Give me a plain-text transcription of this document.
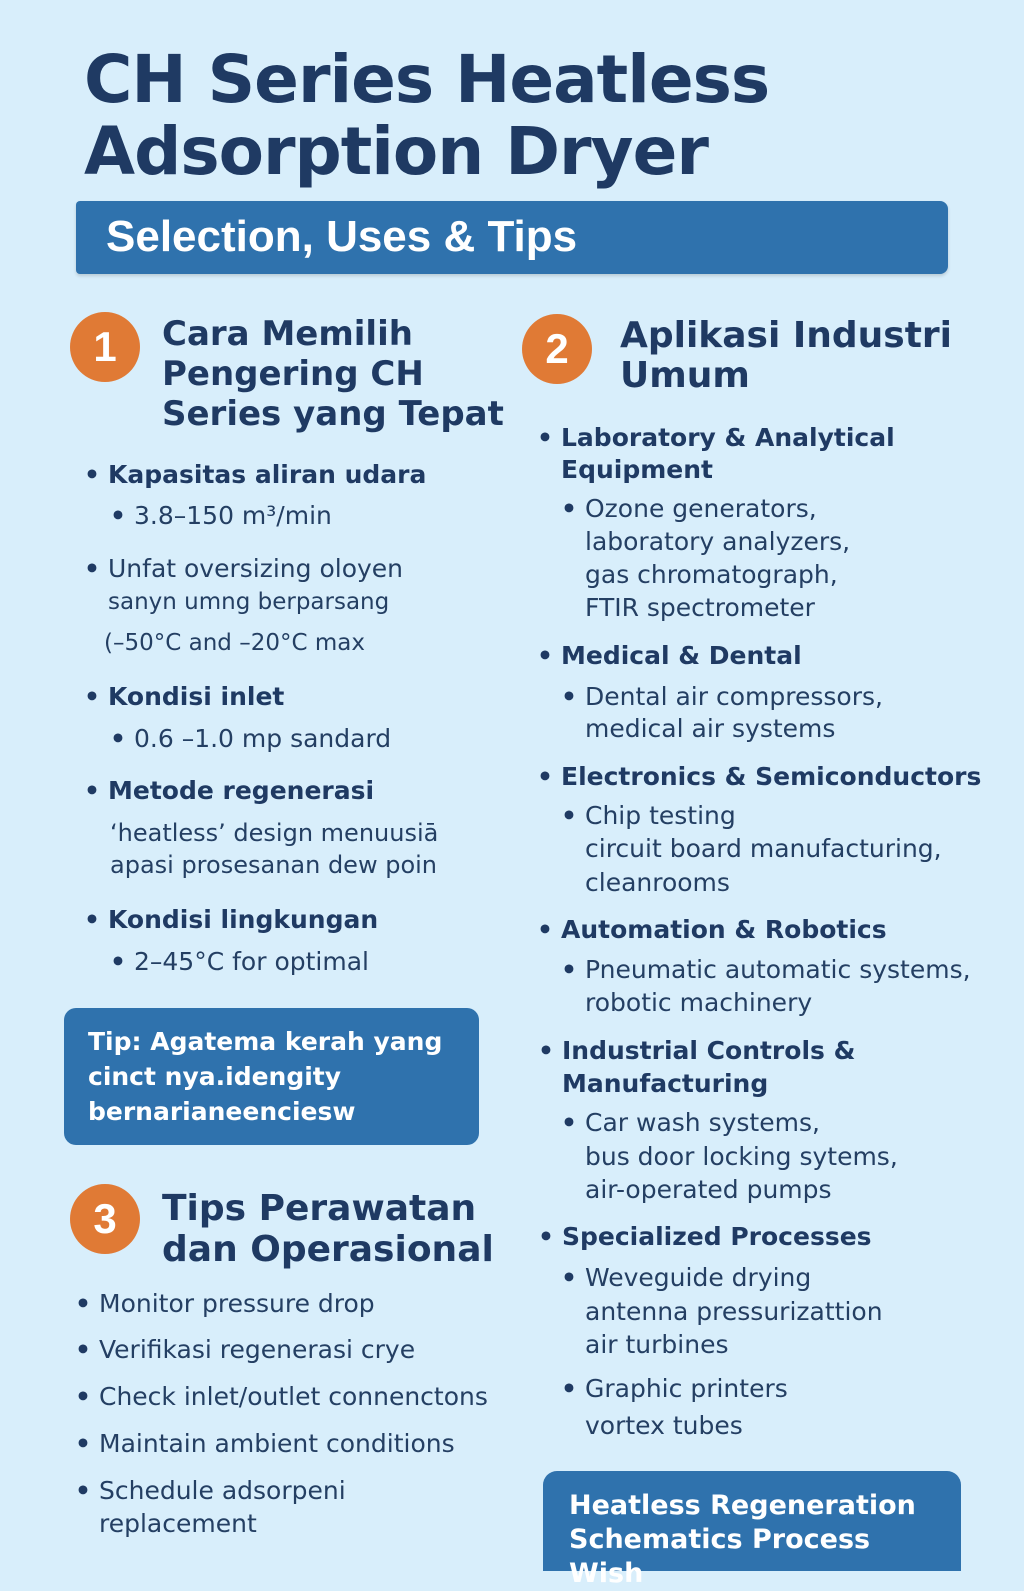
CH Series Heatless
Adsorption Dryer
Selection, Uses & Tips
1	Cara Memilih
Pengering CH
Series yang Tepat
• Kapasitas aliran udara
• 3.8–150 m³/min
• Unfat oversizing oloyen
sanyn umng berparsang
(–50°C and –20°C max
• Kondisi inlet
• 0.6 –1.0 mp sandard
• Metode regenerasi
‘heatless’ design menuusiā
apasi prosesanan dew poin
• Kondisi lingkungan
• 2–45°C for optimal
Tip: Agatema kerah yang
cinct nya.idengity
bernarianeenciesw
3	Tips Perawatan
dan Operasional
• Monitor pressure drop
• Verifikasi regenerasi crye
• Check inlet/outlet connenctons
• Maintain ambient conditions
• Schedule adsorpeni
replacement
2	Aplikasi Industri
Umum
• Laboratory & Analytical
Equipment
• Ozone generators,
laboratory analyzers,
gas chromatograph,
FTIR spectrometer
• Medical & Dental
• Dental air compressors,
medical air systems
• Electronics & Semiconductors
• Chip testing
circuit board manufacturing,
cleanrooms
• Automation & Robotics
• Pneumatic automatic systems,
robotic machinery
• Industrial Controls &
Manufacturing
• Car wash systems,
bus door locking sytems,
air-operated pumps
• Specialized Processes
• Weveguide drying
antenna pressurizattion
air turbines
• Graphic printers
vortex tubes
Heatless Regeneration
Schematics Process Wish
